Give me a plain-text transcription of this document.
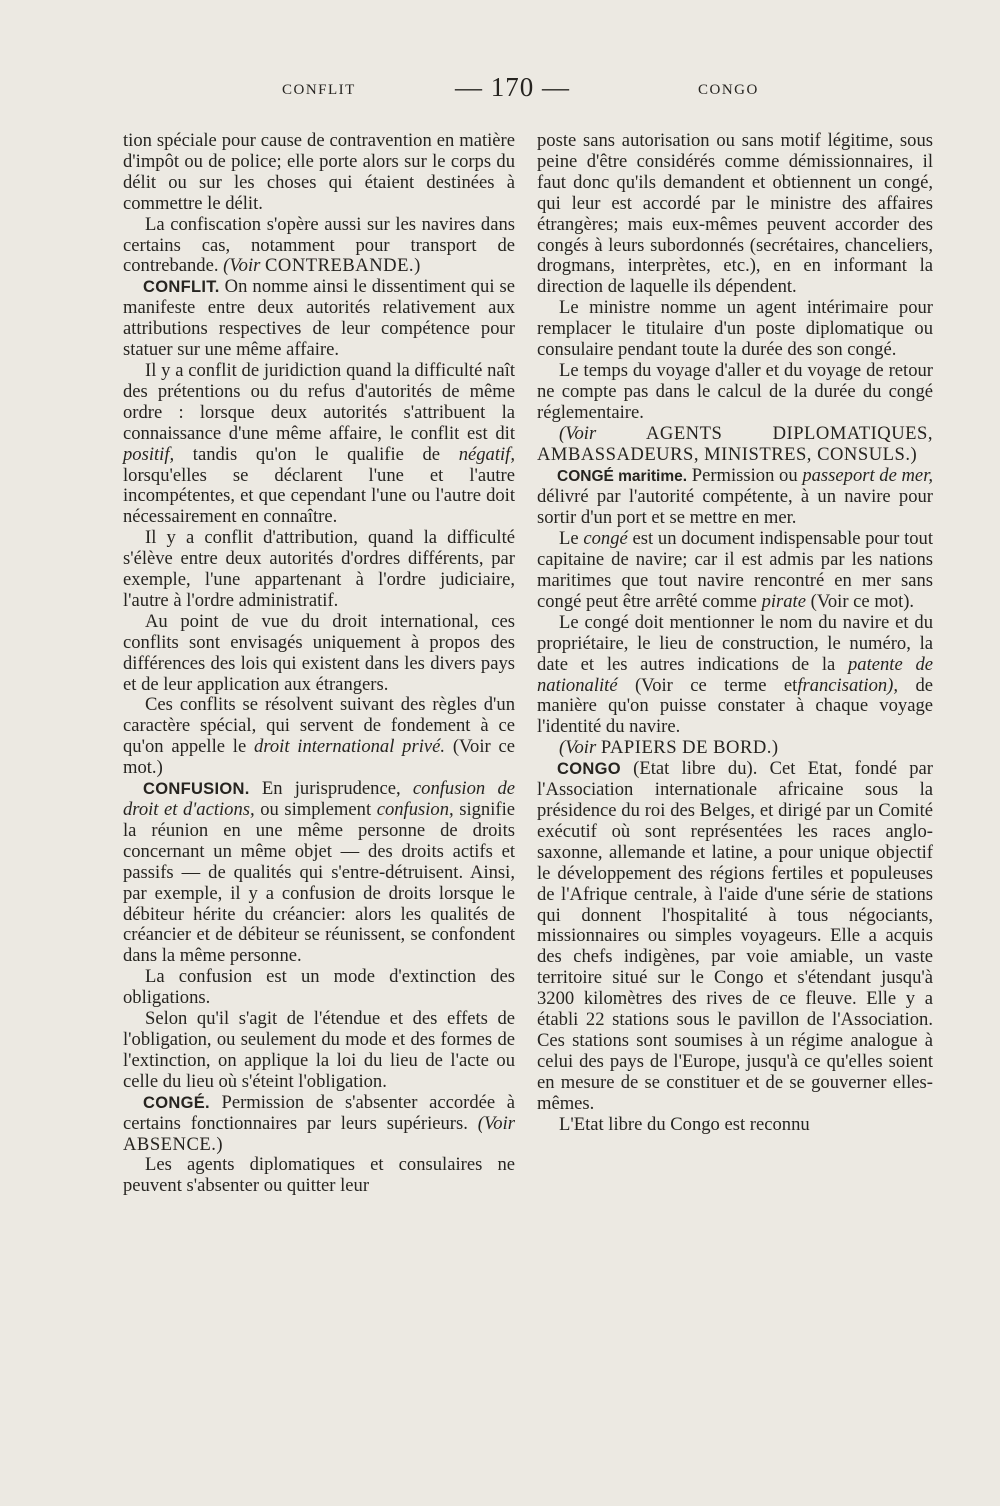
CONFLIT	— 170 —	CONGO

tion spéciale pour cause de contravention en matière d'impôt ou de police; elle porte alors sur le corps du délit ou sur les choses qui étaient destinées à commettre le délit.

La confiscation s'opère aussi sur les navires dans certains cas, notamment pour transport de contrebande. (Voir CONTREBANDE.)

CONFLIT. On nomme ainsi le dissentiment qui se manifeste entre deux autorités relativement aux attributions respectives de leur compétence pour statuer sur une même affaire.

Il y a conflit de juridiction quand la difficulté naît des prétentions ou du refus d'autorités de même ordre : lorsque deux autorités s'attribuent la connaissance d'une même affaire, le conflit est dit positif, tandis qu'on le qualifie de négatif, lorsqu'elles se déclarent l'une et l'autre incompétentes, et que cependant l'une ou l'autre doit nécessairement en connaître.

Il y a conflit d'attribution, quand la difficulté s'élève entre deux autorités d'ordres différents, par exemple, l'une appartenant à l'ordre judiciaire, l'autre à l'ordre administratif.

Au point de vue du droit international, ces conflits sont envisagés uniquement à propos des différences des lois qui existent dans les divers pays et de leur application aux étrangers.

Ces conflits se résolvent suivant des règles d'un caractère spécial, qui servent de fondement à ce qu'on appelle le droit international privé. (Voir ce mot.)

CONFUSION. En jurisprudence, confusion de droit et d'actions, ou simplement confusion, signifie la réunion en une même personne de droits concernant un même objet — des droits actifs et passifs — de qualités qui s'entre-détruisent. Ainsi, par exemple, il y a confusion de droits lorsque le débiteur hérite du créancier: alors les qualités de créancier et de débiteur se réunissent, se confondent dans la même personne.

La confusion est un mode d'extinction des obligations.

Selon qu'il s'agit de l'étendue et des effets de l'obligation, ou seulement du mode et des formes de l'extinction, on applique la loi du lieu de l'acte ou celle du lieu où s'éteint l'obligation.

CONGÉ. Permission de s'absenter accordée à certains fonctionnaires par leurs supérieurs. (Voir ABSENCE.)

Les agents diplomatiques et consulaires ne peuvent s'absenter ou quitter leur

poste sans autorisation ou sans motif légitime, sous peine d'être considérés comme démissionnaires, il faut donc qu'ils demandent et obtiennent un congé, qui leur est accordé par le ministre des affaires étrangères; mais eux-mêmes peuvent accorder des congés à leurs subordonnés (secrétaires, chanceliers, drogmans, interprètes, etc.), en en informant la direction de laquelle ils dépendent.

Le ministre nomme un agent intérimaire pour remplacer le titulaire d'un poste diplomatique ou consulaire pendant toute la durée des son congé.

Le temps du voyage d'aller et du voyage de retour ne compte pas dans le calcul de la durée du congé réglementaire.

(Voir	AGENTS DIPLOMATIQUES, AMBASSADEURS, MINISTRES, CONSULS.)

CONGÉ maritime. Permission ou passeport de mer, délivré par l'autorité compétente, à un navire pour sortir d'un port et se mettre en mer.

Le congé est un document indispensable pour tout capitaine de navire; car il est admis par les nations maritimes que tout navire rencontré en mer sans congé peut être arrêté comme pirate (Voir ce mot).

Le congé doit mentionner le nom du navire et du propriétaire, le lieu de construction, le numéro, la date et les autres indications de la patente de nationalité (Voir ce terme etfrancisation), de manière qu'on puisse constater à chaque voyage l'identité du navire.

(Voir PAPIERS DE BORD.)

CONGO (Etat libre du). Cet Etat, fondé par l'Association internationale africaine sous la présidence du roi des Belges, et dirigé par un Comité exécutif où sont représentées les races anglo-saxonne, allemande et latine, a pour unique objectif le développement des régions fertiles et populeuses de l'Afrique centrale, à l'aide d'une série de stations qui donnent l'hospitalité à tous négociants, missionnaires ou simples voyageurs. Elle a acquis des chefs indigènes, par voie amiable, un vaste territoire situé sur le Congo et s'étendant jusqu'à 3200 kilomètres des rives de ce fleuve. Elle y a établi 22 stations sous le pavillon de l'Association. Ces stations sont soumises à un régime analogue à celui des pays de l'Europe, jusqu'à ce qu'elles soient en mesure de se constituer et de se gouverner elles-mêmes.

L'Etat libre du Congo est reconnu
